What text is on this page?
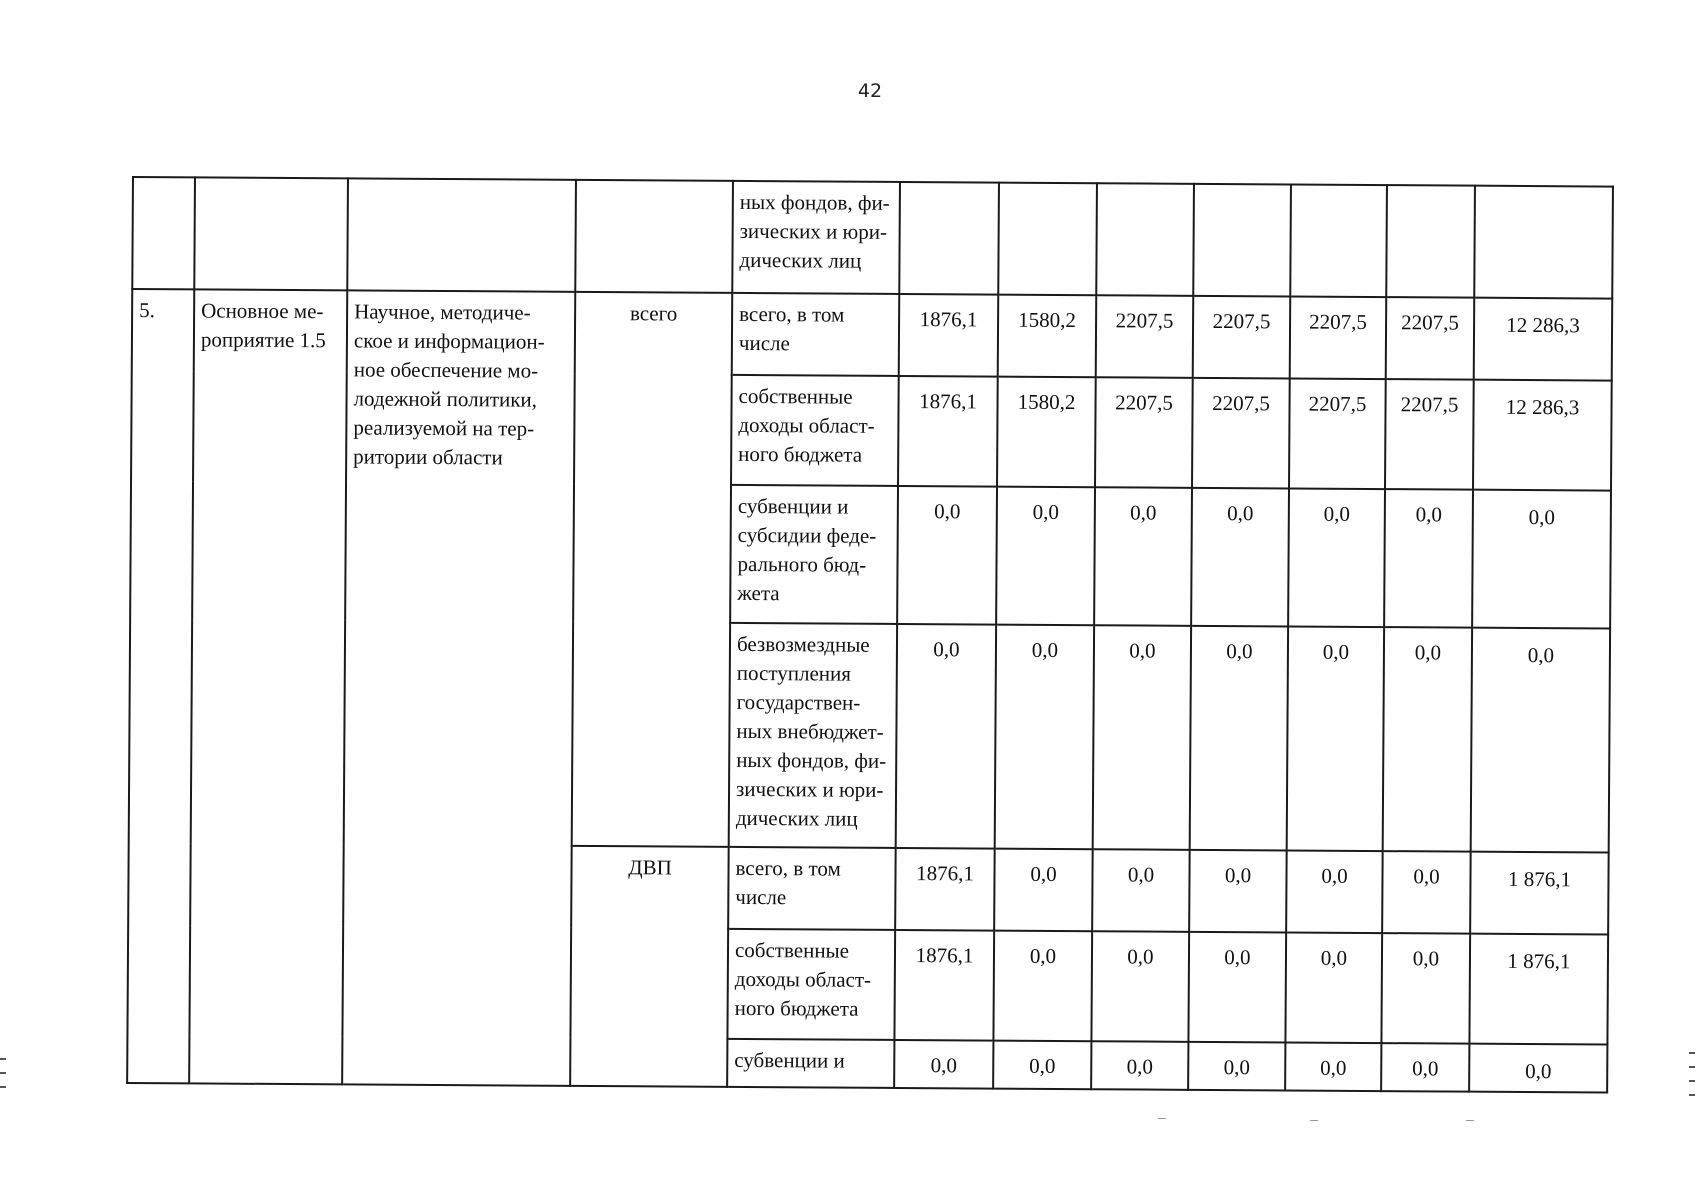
42
				ных фондов, фи-зических и юри-дических лиц							
5.	Основное ме-роприятие 1.5	Научное, методиче-ское и информацион-ное обеспечение мо-лодежной политики, реализуемой на тер-ритории области	всего	всего, в том числе	1876,1	1580,2	2207,5	2207,5	2207,5	2207,5	12 286,3
				собственные доходы област-ного бюджета	1876,1	1580,2	2207,5	2207,5	2207,5	2207,5	12 286,3
				субвенции и субсидии феде-рального бюд-жета	0,0	0,0	0,0	0,0	0,0	0,0	0,0
				безвозмездные поступления государствен-ных внебюджет-ных фондов, фи-зических и юри-дических лиц	0,0	0,0	0,0	0,0	0,0	0,0	0,0
			ДВП	всего, в том числе	1876,1	0,0	0,0	0,0	0,0	0,0	1 876,1
				собственные доходы област-ного бюджета	1876,1	0,0	0,0	0,0	0,0	0,0	1 876,1
				субвенции и	0,0	0,0	0,0	0,0	0,0	0,0	0,0
